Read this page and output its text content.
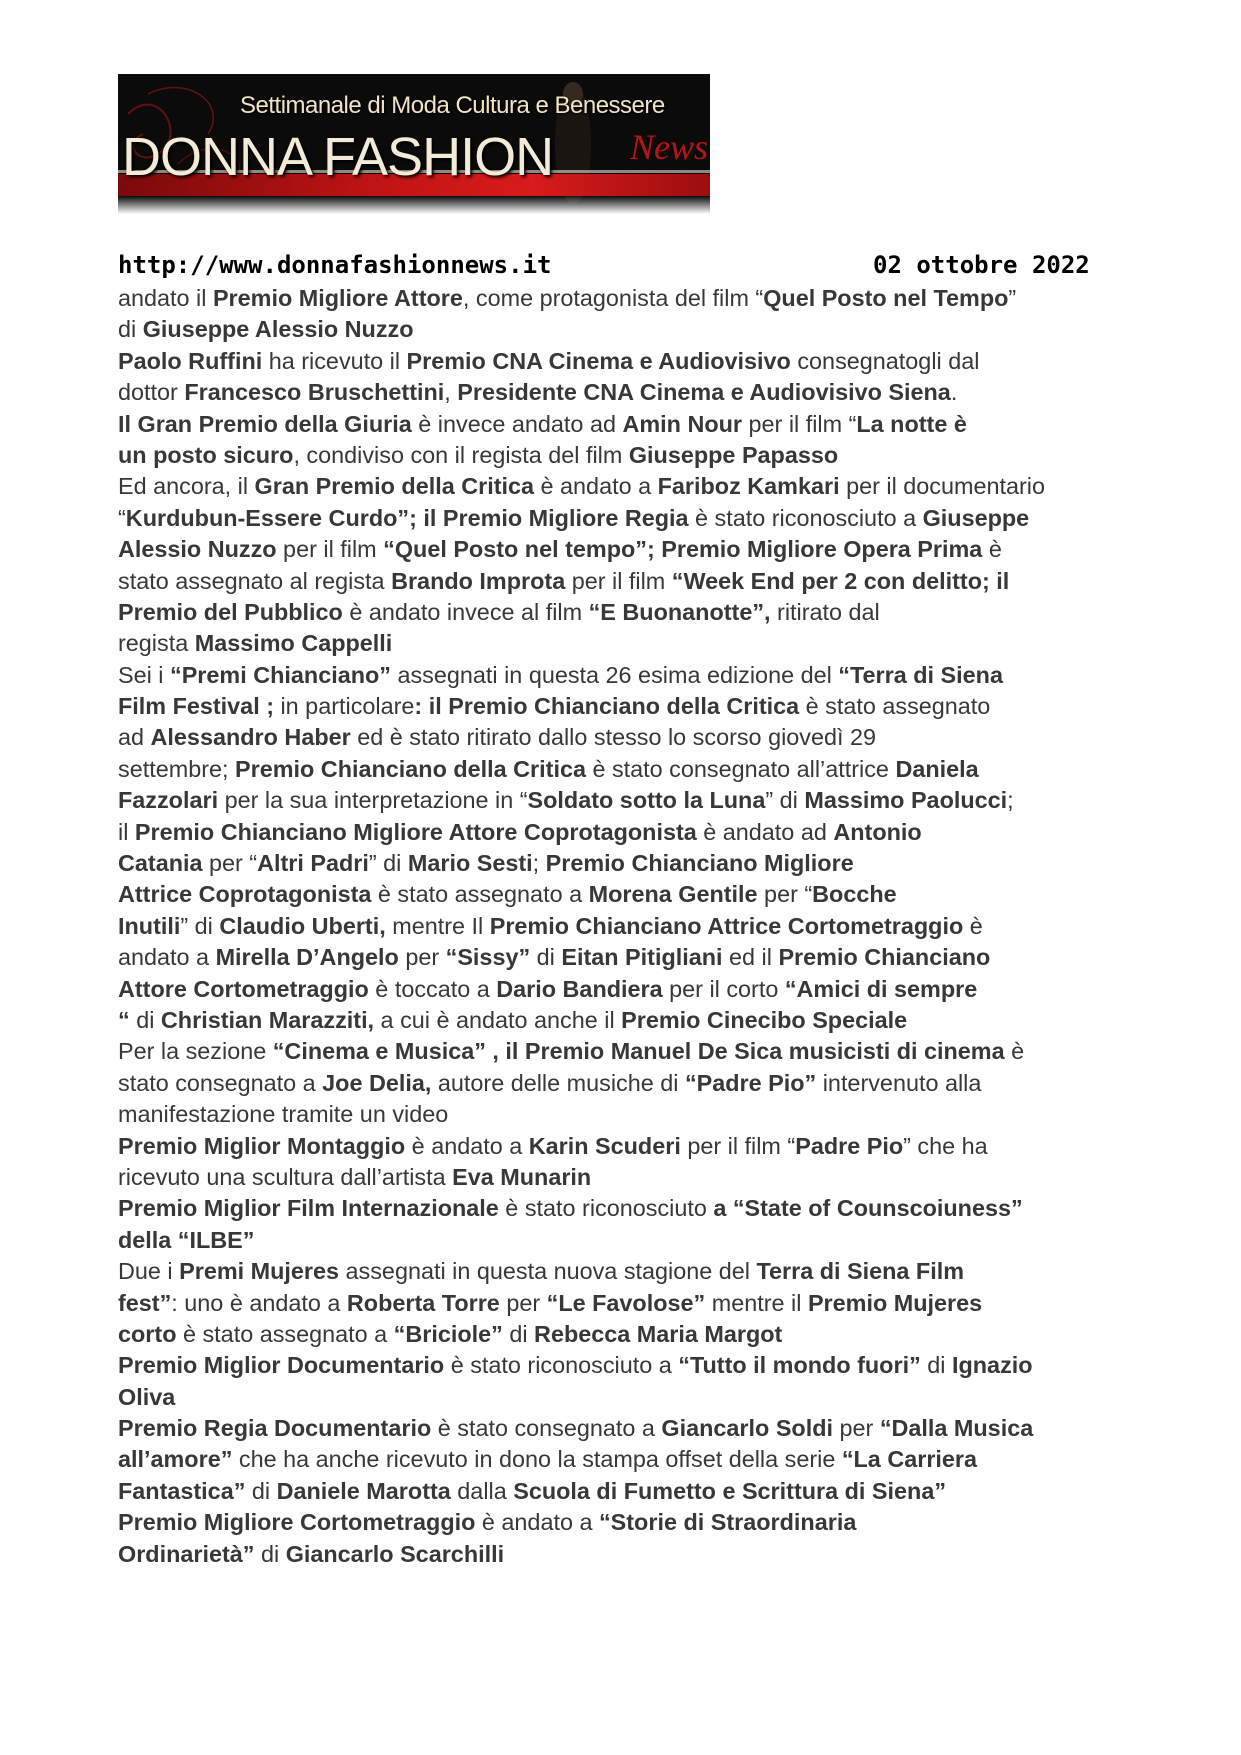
Settimanale di Moda Cultura e Benessere
DONNA FASHION News
http://www.donnafashionnews.it	02 ottobre 2022
andato il Premio Migliore Attore, come protagonista del film “Quel Posto nel Tempo”
di Giuseppe Alessio Nuzzo
Paolo Ruffini ha ricevuto il Premio CNA Cinema e Audiovisivo consegnatogli dal
dottor Francesco Bruschettini, Presidente CNA Cinema e Audiovisivo Siena.
Il Gran Premio della Giuria è invece andato ad Amin Nour per il film “La notte è
un posto sicuro, condiviso con il regista del film Giuseppe Papasso
Ed ancora, il Gran Premio della Critica è andato a Fariboz Kamkari per il documentario
“Kurdubun-Essere Curdo”; il Premio Migliore Regia è stato riconosciuto a Giuseppe
Alessio Nuzzo per il film “Quel Posto nel tempo”; Premio Migliore Opera Prima è
stato assegnato al regista Brando Improta per il film “Week End per 2 con delitto; il
Premio del Pubblico è andato invece al film “E Buonanotte”, ritirato dal
regista Massimo Cappelli
Sei i “Premi Chianciano” assegnati in questa 26 esima edizione del “Terra di Siena
Film Festival ; in particolare: il Premio Chianciano della Critica è stato assegnato
ad Alessandro Haber ed è stato ritirato dallo stesso lo scorso giovedì 29
settembre; Premio Chianciano della Critica è stato consegnato all’attrice Daniela
Fazzolari per la sua interpretazione in “Soldato sotto la Luna” di Massimo Paolucci;
il Premio Chianciano Migliore Attore Coprotagonista è andato ad Antonio
Catania per “Altri Padri” di Mario Sesti; Premio Chianciano Migliore
Attrice Coprotagonista è stato assegnato a Morena Gentile per “Bocche
Inutili” di Claudio Uberti, mentre Il Premio Chianciano Attrice Cortometraggio è
andato a Mirella D’Angelo per “Sissy” di Eitan Pitigliani ed il Premio Chianciano
Attore Cortometraggio è toccato a Dario Bandiera per il corto “Amici di sempre
“ di Christian Marazziti, a cui è andato anche il Premio Cinecibo Speciale
Per la sezione “Cinema e Musica” , il Premio Manuel De Sica musicisti di cinema è
stato consegnato a Joe Delia, autore delle musiche di “Padre Pio” intervenuto alla
manifestazione tramite un video
Premio Miglior Montaggio è andato a Karin Scuderi per il film “Padre Pio” che ha
ricevuto una scultura dall’artista Eva Munarin
Premio Miglior Film Internazionale è stato riconosciuto a “State of Counscoiuness”
della “ILBE”
Due i Premi Mujeres assegnati in questa nuova stagione del Terra di Siena Film
fest”: uno è andato a Roberta Torre per “Le Favolose” mentre il Premio Mujeres
corto è stato assegnato a “Briciole” di Rebecca Maria Margot
Premio Miglior Documentario è stato riconosciuto a “Tutto il mondo fuori” di Ignazio
Oliva
Premio Regia Documentario è stato consegnato a Giancarlo Soldi per “Dalla Musica
all’amore” che ha anche ricevuto in dono la stampa offset della serie “La Carriera
Fantastica” di Daniele Marotta dalla Scuola di Fumetto e Scrittura di Siena”
Premio Migliore Cortometraggio è andato a “Storie di Straordinaria
Ordinarietà” di Giancarlo Scarchilli
